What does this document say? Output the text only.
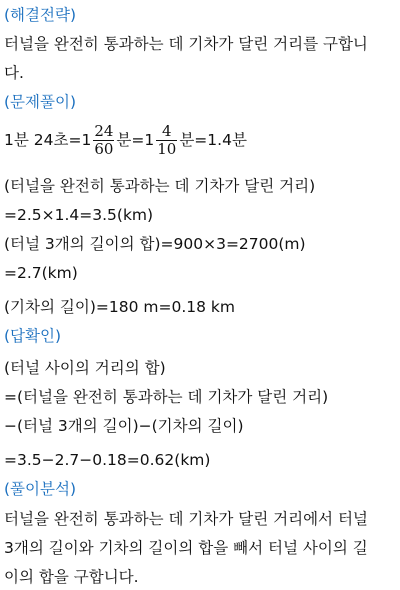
(해결전략)
터널을 완전히 통과하는 데 기차가 달린 거리를 구합니
다.
(문제풀이)
1분 24초$=1 \frac{24}{60}$ 분$=1 \frac{4}{10}$ 분=1.4분
(터널을 완전히 통과하는 데 기차가 달린 거리)
=2.5×1.4=3.5(km)
(터널 3개의 길이의 합)=900×3=2700(m)
=2.7(km)
(기차의 길이)=180 m=0.18 km
(답확인)
(터널 사이의 거리의 합)
=(터널을 완전히 통과하는 데 기차가 달린 거리)
−(터널 3개의 길이)−(기차의 길이)
=3.5−2.7−0.18=0.62(km)
(풀이분석)
터널을 완전히 통과하는 데 기차가 달린 거리에서 터널
3개의 길이와 기차의 길이의 합을 빼서 터널 사이의 길
이의 합을 구합니다.
